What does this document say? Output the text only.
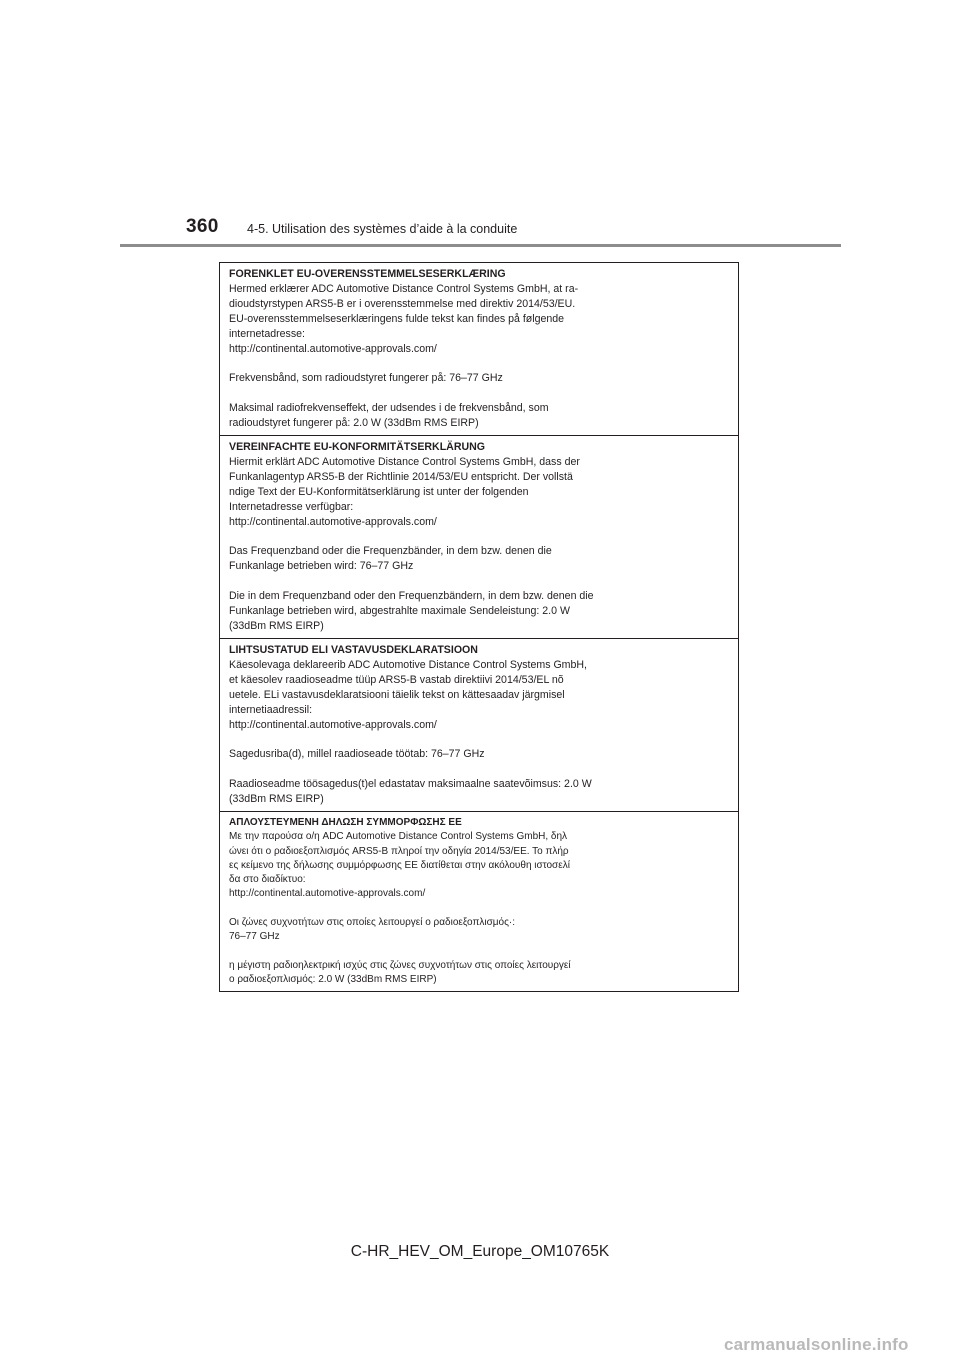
360 4-5. Utilisation des systèmes d’aide à la conduite
FORENKLET EU-OVERENSSTEMMELSESERKLÆRING
Hermed erklærer ADC Automotive Distance Control Systems GmbH, at ra-
dioudstyrstypen ARS5-B er i overensstemmelse med direktiv 2014/53/EU.
EU-overensstemmelseserklæringens fulde tekst kan findes på følgende
internetadresse:
http://continental.automotive-approvals.com/
Frekvensbånd, som radioudstyret fungerer på: 76–77 GHz
Maksimal radiofrekvenseffekt, der udsendes i de frekvensbånd, som
radioudstyret fungerer på: 2.0 W (33dBm RMS EIRP)
VEREINFACHTE EU-KONFORMITÄTSERKLÄRUNG
Hiermit erklärt ADC Automotive Distance Control Systems GmbH, dass der
Funkanlagentyp ARS5-B der Richtlinie 2014/53/EU entspricht. Der vollstä
ndige Text der EU-Konformitätserklärung ist unter der folgenden
Internetadresse verfügbar:
http://continental.automotive-approvals.com/
Das Frequenzband oder die Frequenzbänder, in dem bzw. denen die
Funkanlage betrieben wird: 76–77 GHz
Die in dem Frequenzband oder den Frequenzbändern, in dem bzw. denen die
Funkanlage betrieben wird, abgestrahlte maximale Sendeleistung: 2.0 W
(33dBm RMS EIRP)
LIHTSUSTATUD ELI VASTAVUSDEKLARATSIOON
Käesolevaga deklareerib ADC Automotive Distance Control Systems GmbH,
et käesolev raadioseadme tüüp ARS5-B vastab direktiivi 2014/53/EL nõ
uetele. ELi vastavusdeklaratsiooni täielik tekst on kättesaadav järgmisel
internetiaadressil:
http://continental.automotive-approvals.com/
Sagedusriba(d), millel raadioseade töötab: 76–77 GHz
Raadioseadme töösagedus(t)el edastatav maksimaalne saatevõimsus: 2.0 W
(33dBm RMS EIRP)
ΑΠΛΟΥΣΤΕΥΜΕΝΗ ΔΗΛΩΣΗ ΣΥΜΜΟΡΦΩΣΗΣ ΕΕ
Με την παρούσα ο/η ADC Automotive Distance Control Systems GmbH, δηλ
ώνει ότι ο ραδιοεξοπλισμός ARS5-B πληροί την οδηγία 2014/53/ΕΕ. Το πλήρ
ες κείμενο της δήλωσης συμμόρφωσης ΕΕ διατίθεται στην ακόλουθη ιστοσελί
δα στο διαδίκτυο:
http://continental.automotive-approvals.com/
Οι ζώνες συχνοτήτων στις οποίες λειτουργεί ο ραδιοεξοπλισμός·:
76–77 GHz
η μέγιστη ραδιοηλεκτρική ισχύς στις ζώνες συχνοτήτων στις οποίες λειτουργεί
ο ραδιοεξοπλισμός: 2.0 W (33dBm RMS EIRP)
C-HR_HEV_OM_Europe_OM10765K
carmanualsonline.info
